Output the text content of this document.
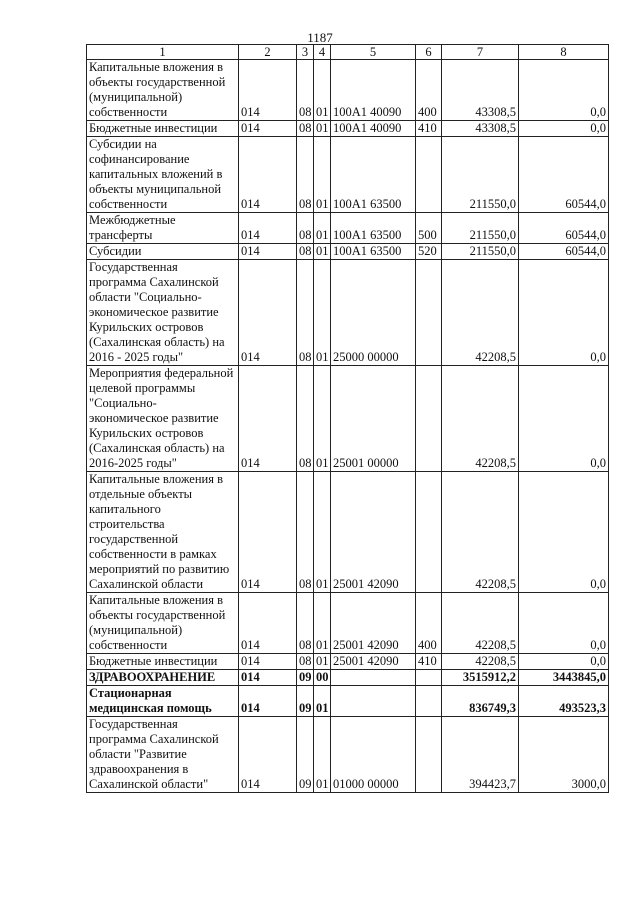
1187
1	2	3	4	5	6	7	8
Капитальные вложения в объекты государственной (муниципальной) собственности	014	08	01	100А1 40090	400	43308,5	0,0
Бюджетные инвестиции	014	08	01	100А1 40090	410	43308,5	0,0
Субсидии на софинансирование капитальных вложений в объекты муниципальной собственности	014	08	01	100А1 63500		211550,0	60544,0
Межбюджетные трансферты	014	08	01	100А1 63500	500	211550,0	60544,0
Субсидии	014	08	01	100А1 63500	520	211550,0	60544,0
Государственная программа Сахалинской области "Социально-экономическое развитие Курильских островов (Сахалинская область) на 2016 - 2025 годы"	014	08	01	25000 00000		42208,5	0,0
Мероприятия федеральной целевой программы "Социально-экономическое развитие Курильских островов (Сахалинская область) на 2016-2025 годы"	014	08	01	25001 00000		42208,5	0,0
Капитальные вложения в отдельные объекты капитального строительства государственной собственности в рамках мероприятий по развитию Сахалинской области	014	08	01	25001 42090		42208,5	0,0
Капитальные вложения в объекты государственной (муниципальной) собственности	014	08	01	25001 42090	400	42208,5	0,0
Бюджетные инвестиции	014	08	01	25001 42090	410	42208,5	0,0
ЗДРАВООХРАНЕНИЕ	014	09	00			3515912,2	3443845,0
Стационарная медицинская помощь	014	09	01			836749,3	493523,3
Государственная программа Сахалинской области "Развитие здравоохранения в Сахалинской области"	014	09	01	01000 00000		394423,7	3000,0
